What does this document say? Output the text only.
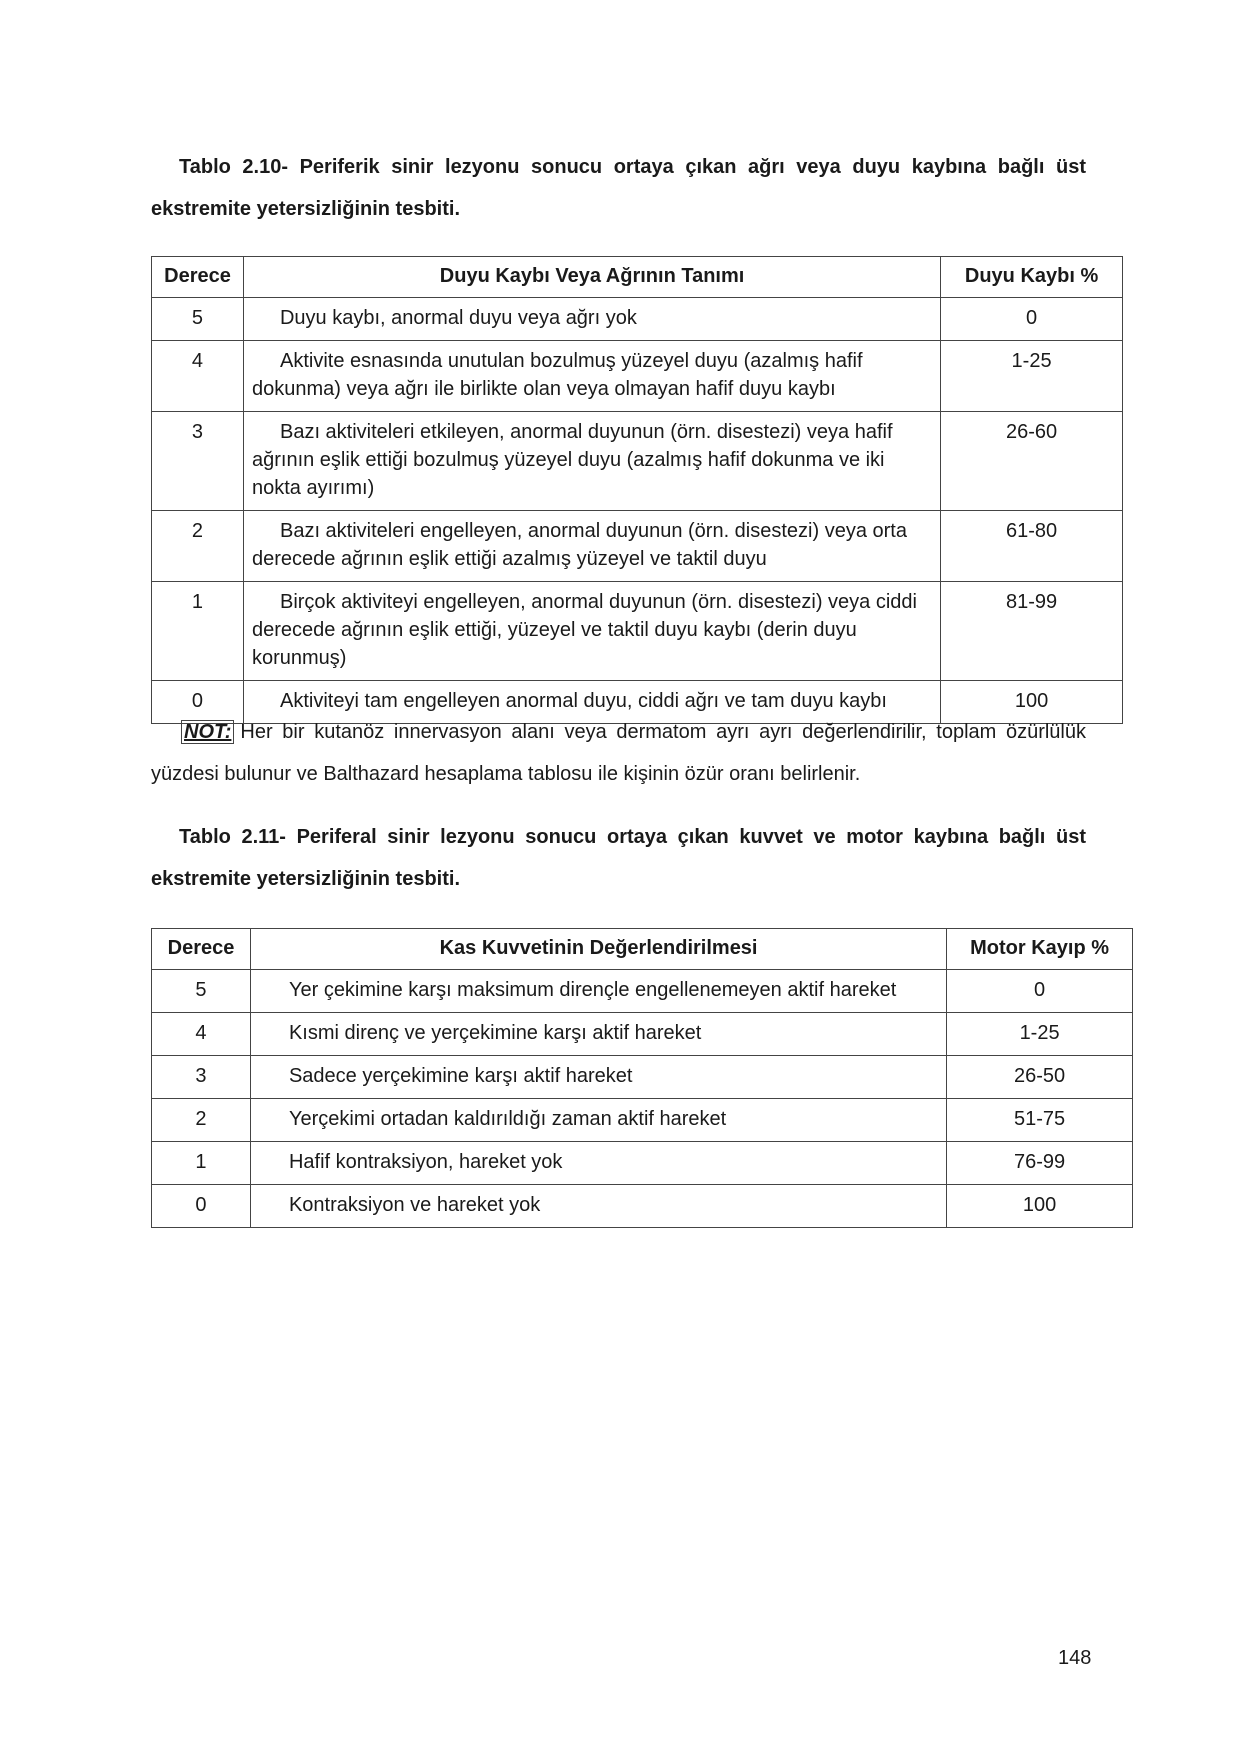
Tablo 2.10- Periferik sinir lezyonu sonucu ortaya çıkan ağrı veya duyu kaybına bağlı üst
ekstremite yetersizliğinin tesbiti.
Derece	Duyu Kaybı Veya Ağrının Tanımı	Duyu Kaybı %
5	Duyu kaybı, anormal duyu veya ağrı yok	0
4	Aktivite esnasında unutulan bozulmuş yüzeyel duyu (azalmış hafif dokunma) veya ağrı ile birlikte olan veya olmayan hafif duyu kaybı	1-25
3	Bazı aktiviteleri etkileyen, anormal duyunun (örn. disestezi) veya hafif ağrının eşlik ettiği bozulmuş yüzeyel duyu (azalmış hafif dokunma ve iki nokta ayırımı)	26-60
2	Bazı aktiviteleri engelleyen, anormal duyunun (örn. disestezi) veya orta derecede ağrının eşlik ettiği azalmış yüzeyel ve taktil duyu	61-80
1	Birçok aktiviteyi engelleyen, anormal duyunun (örn. disestezi) veya ciddi derecede ağrının eşlik ettiği, yüzeyel ve taktil duyu kaybı (derin duyu korunmuş)	81-99
0	Aktiviteyi tam engelleyen anormal duyu, ciddi ağrı ve tam duyu kaybı	100
NOT: Her bir kutanöz innervasyon alanı veya dermatom ayrı ayrı değerlendirilir, toplam özürlülük
yüzdesi bulunur ve Balthazard hesaplama tablosu ile kişinin özür oranı belirlenir.
Tablo 2.11- Periferal sinir lezyonu sonucu ortaya çıkan kuvvet ve motor kaybına bağlı üst
ekstremite yetersizliğinin tesbiti.
Derece	Kas Kuvvetinin Değerlendirilmesi	Motor Kayıp %
5	Yer çekimine karşı maksimum dirençle engellenemeyen aktif hareket	0
4	Kısmi direnç ve yerçekimine karşı aktif hareket	1-25
3	Sadece yerçekimine karşı aktif hareket	26-50
2	Yerçekimi ortadan kaldırıldığı zaman aktif hareket	51-75
1	Hafif kontraksiyon, hareket yok	76-99
0	Kontraksiyon ve hareket yok	100
148
